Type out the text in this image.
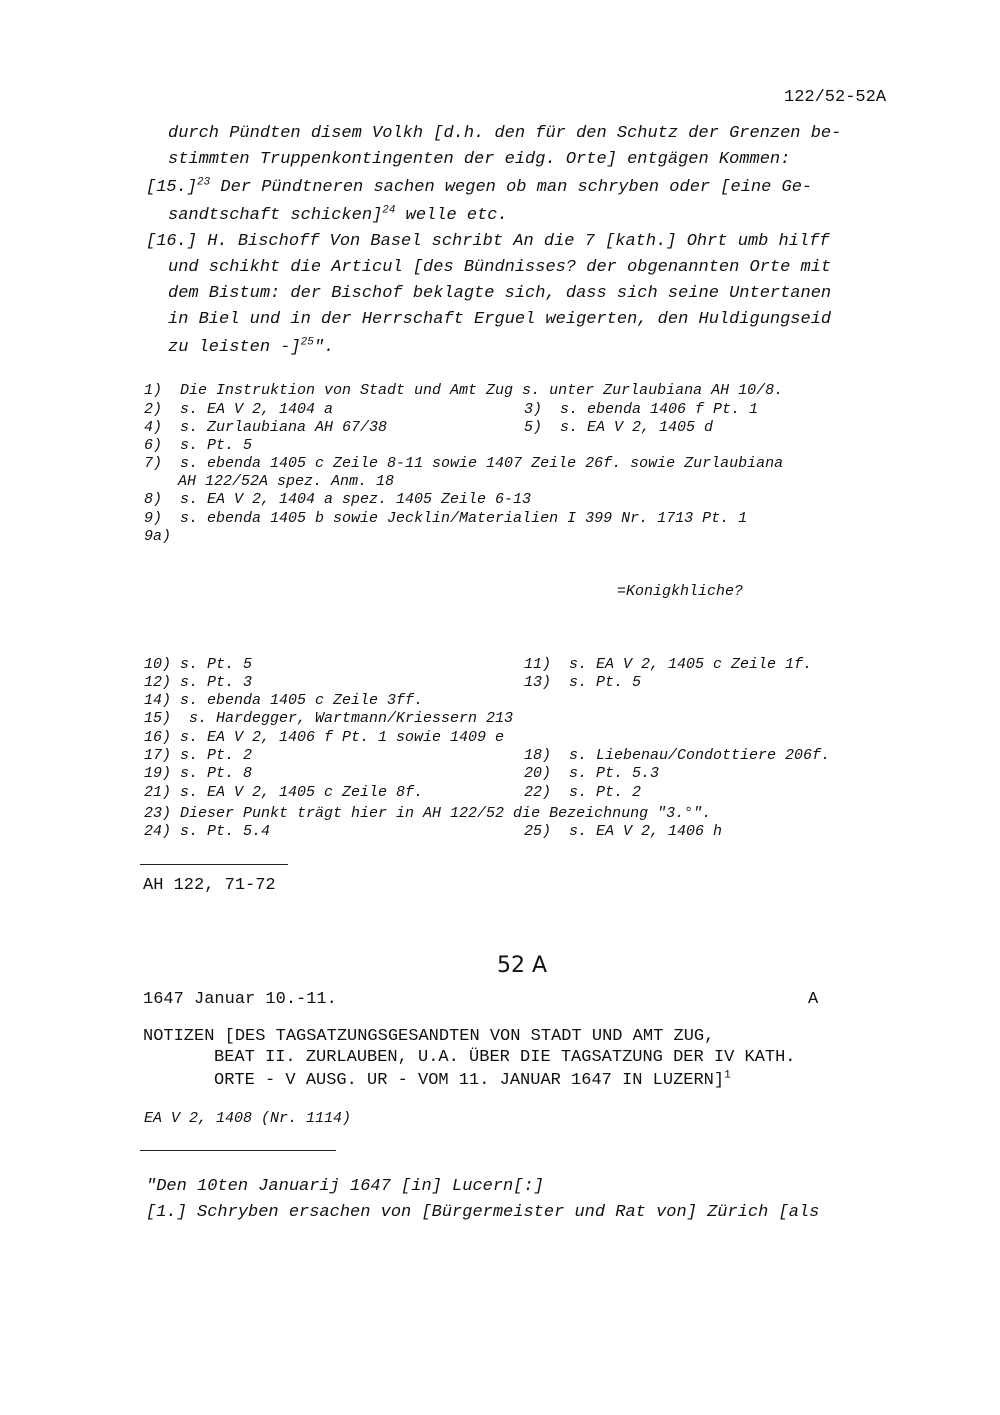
122/52-52A
durch Pündten disem Volkh [d.h. den für den Schutz der Grenzen be-
stimmten Truppenkontingenten der eidg. Orte] entgägen Kommen:
$[15.]^{23}$ Der Pündtneren sachen wegen ob man schryben oder [eine Ge-
sandtschaft schicken]$^{24}$ welle etc.
[16.] H. Bischoff Von Basel schribt An die 7 [kath.] Ohrt umb hilff
und schikht die Articul [des Bündnisses? der obgenannten Orte mit
dem Bistum: der Bischof beklagte sich, dass sich seine Untertanen
in Biel und in der Herrschaft Erguel weigerten, den Huldigungseid
zu leisten -]$^{25}$".
1)  Die Instruktion von Stadt und Amt Zug s. unter Zurlaubiana AH 10/8.
2)  s. EA V 2, 1404 a	3)  s. ebenda 1406 f Pt. 1
4)  s. Zurlaubiana AH 67/38	5)  s. EA V 2, 1405 d
6)  s. Pt. 5
7)  s. ebenda 1405 c Zeile 8-11 sowie 1407 Zeile 26f. sowie Zurlaubiana
AH 122/52A spez. Anm. 18
8)  s. EA V 2, 1404 a spez. 1405 Zeile 6-13
9)  s. ebenda 1405 b sowie Jecklin/Materialien I 399 Nr. 1713 Pt. 1
9a)
=Konigkhliche?
10) s. Pt. 5	11)  s. EA V 2, 1405 c Zeile 1f.
12) s. Pt. 3	13)  s. Pt. 5
14) s. ebenda 1405 c Zeile 3ff.
15)  s. Hardegger, Wartmann/Kriessern 213
16) s. EA V 2, 1406 f Pt. 1 sowie 1409 e
17) s. Pt. 2	18)  s. Liebenau/Condottiere 206f.
19) s. Pt. 8	20)  s. Pt. 5.3
21) s. EA V 2, 1405 c Zeile 8f.	22)  s. Pt. 2
23) Dieser Punkt trägt hier in AH 122/52 die Bezeichnung "3.°".
24) s. Pt. 5.4	25)  s. EA V 2, 1406 h
AH 122, 71-72
52 A
1647 Januar 10.-11.	A
NOTIZEN [DES TAGSATZUNGSGESANDTEN VON STADT UND AMT ZUG,
BEAT II. ZURLAUBEN, U.A. ÜBER DIE TAGSATZUNG DER IV KATH.
ORTE - V AUSG. UR - VOM 11. JANUAR 1647 IN LUZERN]$^1$
EA V 2, 1408 (Nr. 1114)
"Den 10ten Januarij 1647 [in] Lucern[:]
[1.] Schryben ersachen von [Bürgermeister und Rat von] Zürich [als
